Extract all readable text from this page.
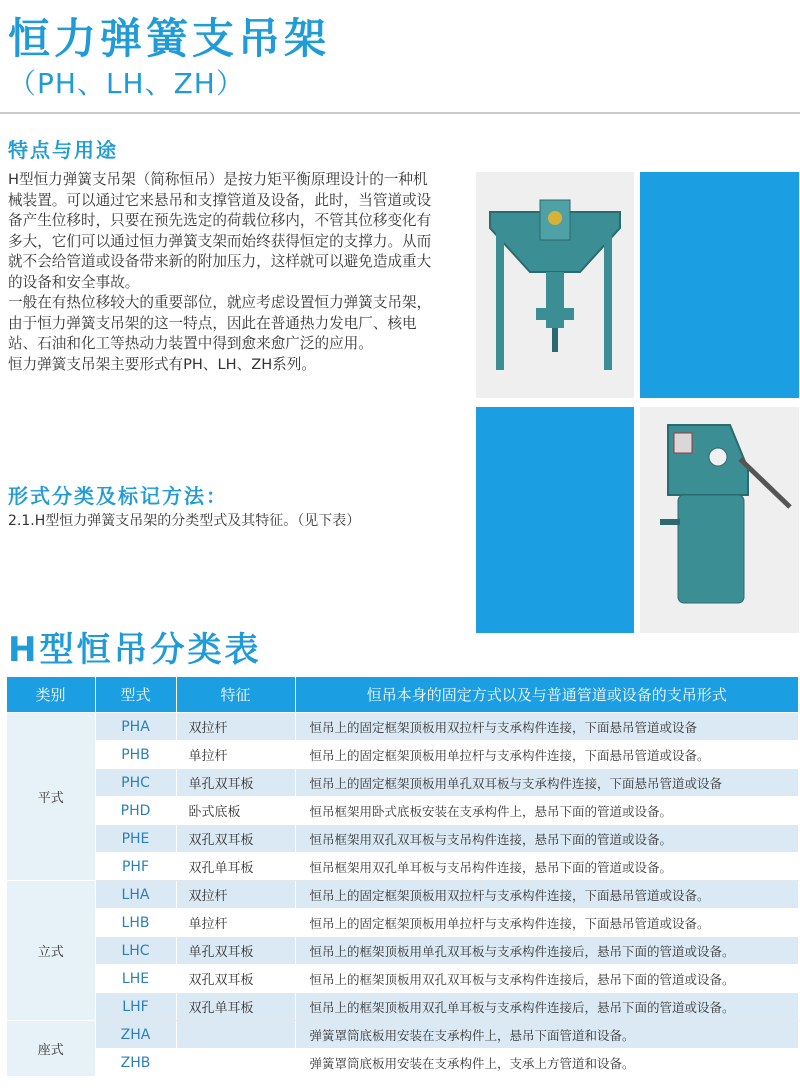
恒力弹簧支吊架
（PH、LH、ZH）
特点与用途

H型恒力弹簧支吊架（简称恒吊）是按力矩平衡原理设计的一种机械装置。可以通过它来悬吊和支撑管道及设备，此时，当管道或设备产生位移时，只要在预先选定的荷载位移内，不管其位移变化有多大，它们可以通过恒力弹簧支架而始终获得恒定的支撑力。从而就不会给管道或设备带来新的附加压力，这样就可以避免造成重大的设备和安全事故。

一般在有热位移较大的重要部位，就应考虑设置恒力弹簧支吊架，由于恒力弹簧支吊架的这一特点，因此在普通热力发电厂、核电站、石油和化工等热动力装置中得到愈来愈广泛的应用。

恒力弹簧支吊架主要形式有PH、LH、ZH系列。

形式分类及标记方法：
2.1.H型恒力弹簧支吊架的分类型式及其特征。（见下表）
H型恒吊分类表
类别	型式	特征	恒吊本身的固定方式以及与普通管道或设备的支吊形式
平式	PHA	双拉杆	恒吊上的固定框架顶板用双拉杆与支承构件连接，下面悬吊管道或设备
	PHB	单拉杆	恒吊上的固定框架顶板用单拉杆与支承构件连接，下面悬吊管道或设备。
	PHC	单孔双耳板	恒吊上的固定框架顶板用单孔双耳板与支承构件连接，下面悬吊管道或设备
	PHD	卧式底板	恒吊框架用卧式底板安装在支承构件上，悬吊下面的管道或设备。
	PHE	双孔双耳板	恒吊框架用双孔双耳板与支吊构件连接，悬吊下面的管道或设备。
	PHF	双孔单耳板	恒吊框架用双孔单耳板与支吊构件连接，悬吊下面的管道或设备。
立式	LHA	双拉杆	恒吊上的固定框架顶板用双拉杆与支承构件连接，下面悬吊管道或设备。
	LHB	单拉杆	恒吊上的固定框架顶板用单拉杆与支承构件连接，下面悬吊管道或设备。
	LHC	单孔双耳板	恒吊上的框架顶板用单孔双耳板与支承构件连接后，悬吊下面的管道或设备。
	LHE	双孔双耳板	恒吊上的框架顶板用双孔双耳板与支承构件连接后，悬吊下面的管道或设备。
	LHF	双孔单耳板	恒吊上的框架顶板用双孔单耳板与支承构件连接后，悬吊下面的管道或设备。
座式	ZHA		弹簧罩筒底板用安装在支承构件上，悬吊下面管道和设备。
	ZHB		弹簧罩筒底板用安装在支承构件上，支承上方管道和设备。
